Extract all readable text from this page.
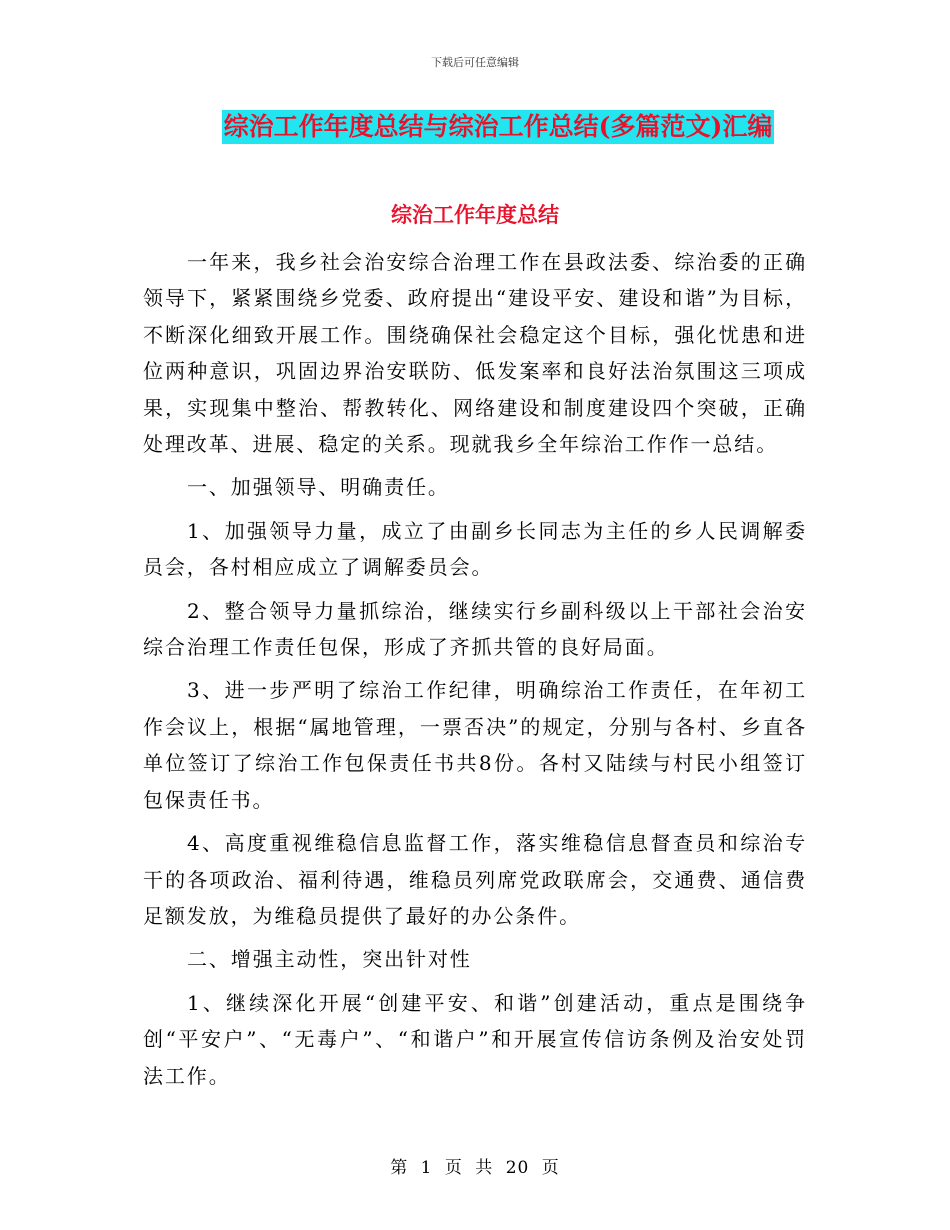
下载后可任意编辑
综治工作年度总结与综治工作总结(多篇范文)汇编
综治工作年度总结

一年来，我乡社会治安综合治理工作在县政法委、综治委的正确领导下，紧紧围绕乡党委、政府提出“建设平安、建设和谐”为目标，不断深化细致开展工作。围绕确保社会稳定这个目标，强化忧患和进位两种意识，巩固边界治安联防、低发案率和良好法治氛围这三项成果，实现集中整治、帮教转化、网络建设和制度建设四个突破，正确处理改革、进展、稳定的关系。现就我乡全年综治工作作一总结。

一、加强领导、明确责任。

1、加强领导力量，成立了由副乡长同志为主任的乡人民调解委员会，各村相应成立了调解委员会。

2、整合领导力量抓综治，继续实行乡副科级以上干部社会治安综合治理工作责任包保，形成了齐抓共管的良好局面。

3、进一步严明了综治工作纪律，明确综治工作责任，在年初工作会议上，根据“属地管理，一票否决”的规定，分别与各村、乡直各单位签订了综治工作包保责任书共8份。各村又陆续与村民小组签订包保责任书。

4、高度重视维稳信息监督工作，落实维稳信息督查员和综治专干的各项政治、福利待遇，维稳员列席党政联席会，交通费、通信费足额发放，为维稳员提供了最好的办公条件。

二、增强主动性，突出针对性

1、继续深化开展“创建平安、和谐”创建活动，重点是围绕争创“平安户”、“无毒户”、“和谐户”和开展宣传信访条例及治安处罚法工作。

第 1 页 共 20 页
